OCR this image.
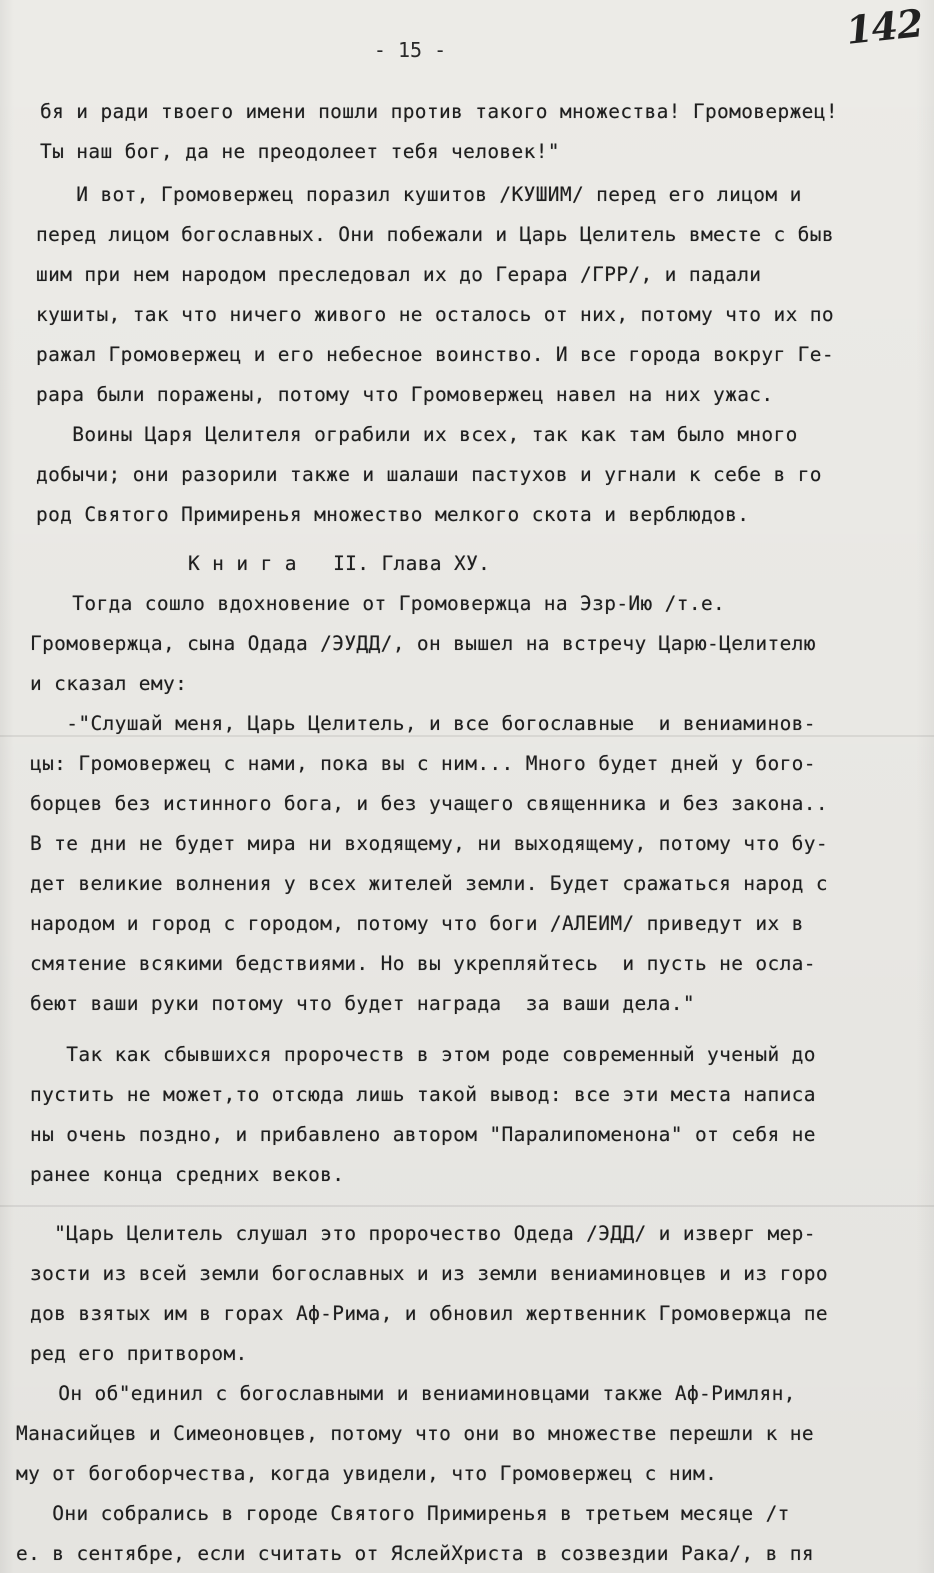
142
- 15 -
бя и ради твоего имени пошли против такого множества! Громовержец!
Ты наш бог, да не преодолеет тебя человек!"
И вот, Громовержец поразил кушитов /КУШИМ/ перед его лицом и
перед лицом богославных. Они побежали и Царь Целитель вместе с быв
шим при нем народом преследовал их до Герара /ГРР/, и падали
кушиты, так что ничего живого не осталось от них, потому что их по
ражал Громовержец и его небесное воинство. И все города вокруг Ге-
рара были поражены, потому что Громовержец навел на них ужас.
Воины Царя Целителя ограбили их всех, так как там было много
добычи; они разорили также и шалаши пастухов и угнали к себе в го
род Святого Примиренья множество мелкого скота и верблюдов.
К н и г а   II. Глава ХУ.
Тогда сошло вдохновение от Громовержца на Эзр-Ию /т.е.
Громовержца, сына Одада /ЭУДД/, он вышел на встречу Царю-Целителю
и сказал ему:
-"Слушай меня, Царь Целитель, и все богославные  и вениаминов-
цы: Громовержец с нами, пока вы с ним... Много будет дней у бого-
борцев без истинного бога, и без учащего священника и без закона..
В те дни не будет мира ни входящему, ни выходящему, потому что бу-
дет великие волнения у всех жителей земли. Будет сражаться народ с
народом и город с городом, потому что боги /АЛЕИМ/ приведут их в
смятение всякими бедствиями. Но вы укрепляйтесь  и пусть не осла-
беют ваши руки потому что будет награда  за ваши дела."
Так как сбывшихся пророчеств в этом роде современный ученый до
пустить не может,то отсюда лишь такой вывод: все эти места написа
ны очень поздно, и прибавлено автором "Паралипоменона" от себя не
ранее конца средних веков.
"Царь Целитель слушал это пророчество Одеда /ЭДД/ и изверг мер-
зости из всей земли богославных и из земли вениаминовцев и из горо
дов взятых им в горах Аф-Рима, и обновил жертвенник Громовержца пе
ред его притвором.
Он об"единил с богославными и вениаминовцами также Аф-Римлян,
Манасийцев и Симеоновцев, потому что они во множестве перешли к не
му от богоборчества, когда увидели, что Громовержец с ним.
Они собрались в городе Святого Примиренья в третьем месяце /т
е. в сентябре, если считать от ЯслейХриста в созвездии Рака/, в пя
